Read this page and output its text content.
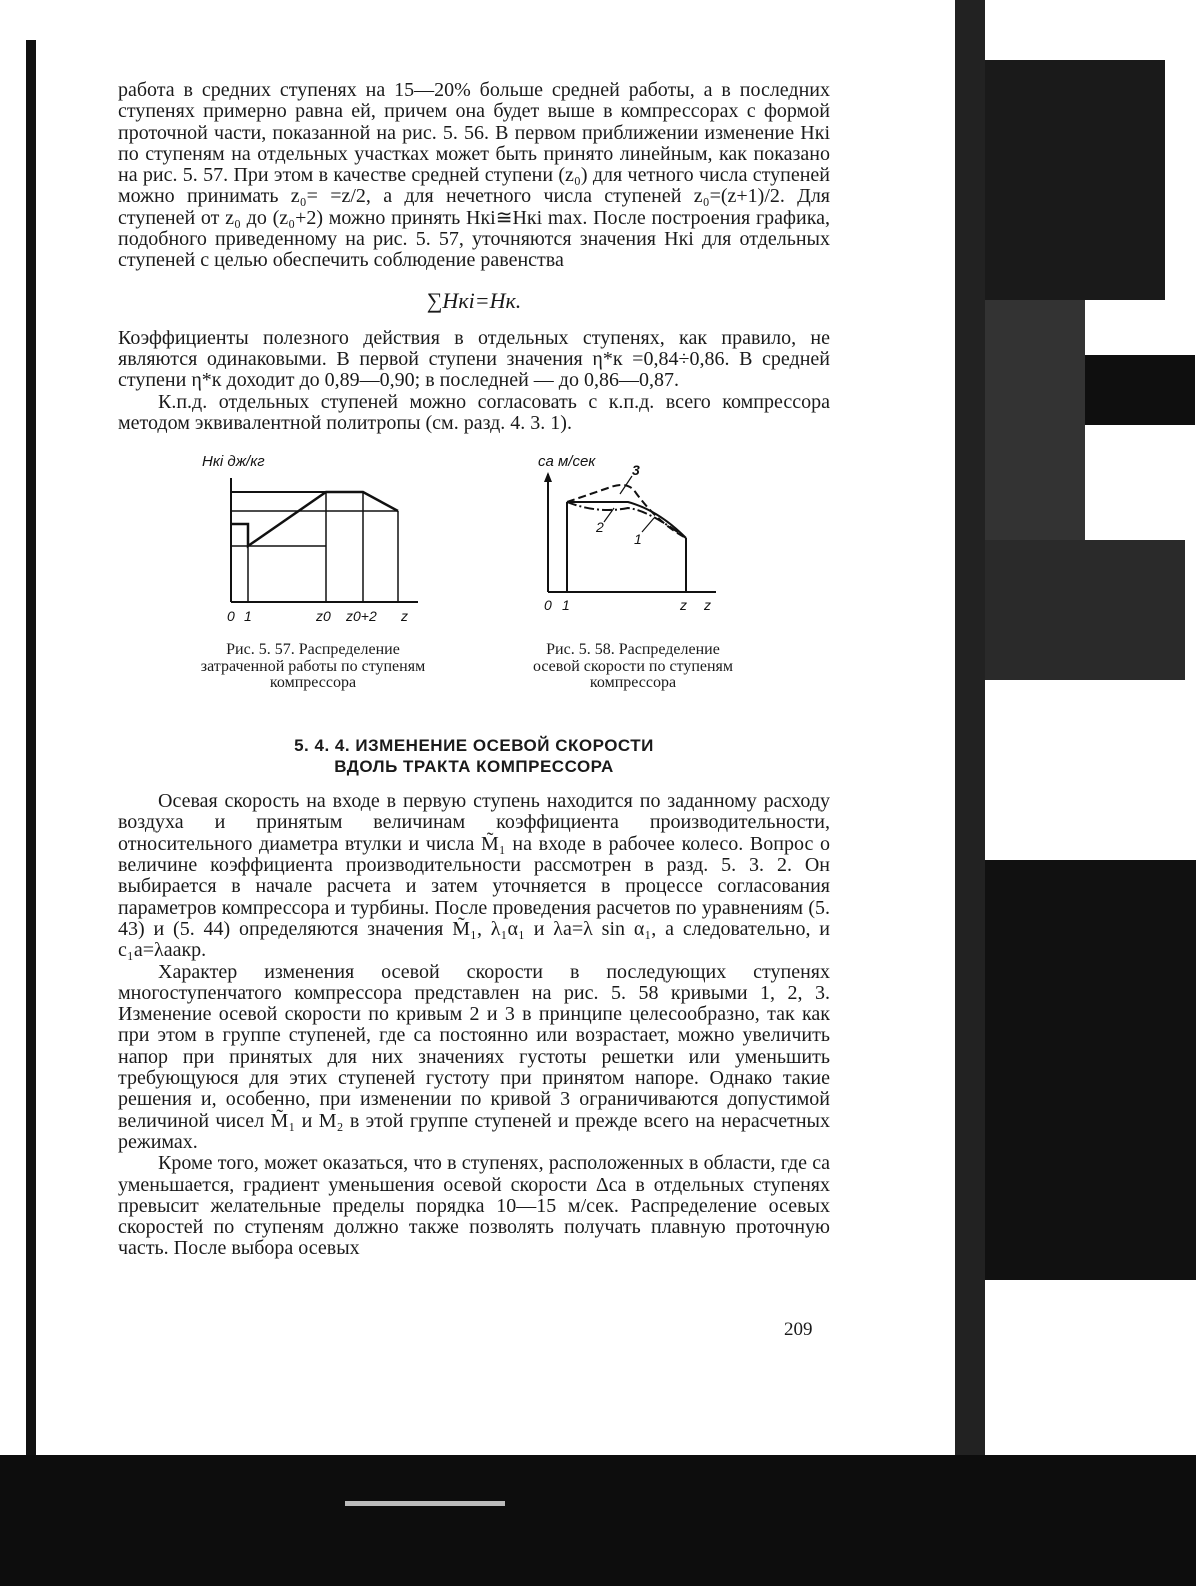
работа в средних ступенях на 15—20% больше средней работы, а в последних ступенях примерно равна ей, причем она будет выше в компрессорах с формой проточной части, показанной на рис. 5. 56. В первом приближении изменение Hкi по ступеням на отдельных участках может быть принято линейным, как показано на рис. 5. 57. При этом в качестве средней ступени (z₀) для четного числа ступеней можно принимать z₀= =z/2, а для нечетного числа ступеней z₀=(z+1)/2. Для ступеней от z₀ до (z₀+2) можно принять Hкi≅Hкi max. После построения графика, подобного приведенному на рис. 5. 57, уточняются значения Hкi для отдельных ступеней с целью обеспечить соблюдение равенства

∑Hкi=Hк.

Коэффициенты полезного действия в отдельных ступенях, как правило, не являются одинаковыми. В первой ступени значения η*к =0,84÷0,86. В средней ступени η*к доходит до 0,89—0,90; в последней — до 0,86—0,87.

К.п.д. отдельных ступеней можно согласовать с к.п.д. всего компрессора методом эквивалентной политропы (см. разд. 4. 3. 1).

Hкi дж/кг
0 1	z0 z0+2 z

Рис. 5. 57. Распределение затраченной работы по ступеням компрессора

ca м/сек	3
2
1
0 1	z z

Рис. 5. 58. Распределение осевой скорости по ступеням компрессора

5. 4. 4. ИЗМЕНЕНИЕ ОСЕВОЙ СКОРОСТИ
ВДОЛЬ ТРАКТА КОМПРЕССОРА

Осевая скорость на входе в первую ступень находится по заданному расходу воздуха и принятым величинам коэффициента производительности, относительного диаметра втулки и числа M̃₁ на входе в рабочее колесо. Вопрос о величине коэффициента производительности рассмотрен в разд. 5. 3. 2. Он выбирается в начале расчета и затем уточняется в процессе согласования параметров компрессора и турбины. После проведения расчетов по уравнениям (5. 43) и (5. 44) определяются значения M̃₁, λ₁α₁ и λa=λ sin α₁, а следовательно, и c₁a=λaaкр.

Характер изменения осевой скорости в последующих ступенях многоступенчатого компрессора представлен на рис. 5. 58 кривыми 1, 2, 3. Изменение осевой скорости по кривым 2 и 3 в принципе целесообразно, так как при этом в группе ступеней, где ca постоянно или возрастает, можно увеличить напор при принятых для них значениях густоты решетки или уменьшить требующуюся для этих ступеней густоту при принятом напоре. Однако такие решения и, особенно, при изменении по кривой 3 ограничиваются допустимой величиной чисел M̃₁ и M₂ в этой группе ступеней и прежде всего на нерасчетных режимах.

Кроме того, может оказаться, что в ступенях, расположенных в области, где ca уменьшается, градиент уменьшения осевой скорости Δca в отдельных ступенях превысит желательные пределы порядка 10—15 м/сек. Распределение осевых скоростей по ступеням должно также позволять получать плавную проточную часть. После выбора осевых

209
